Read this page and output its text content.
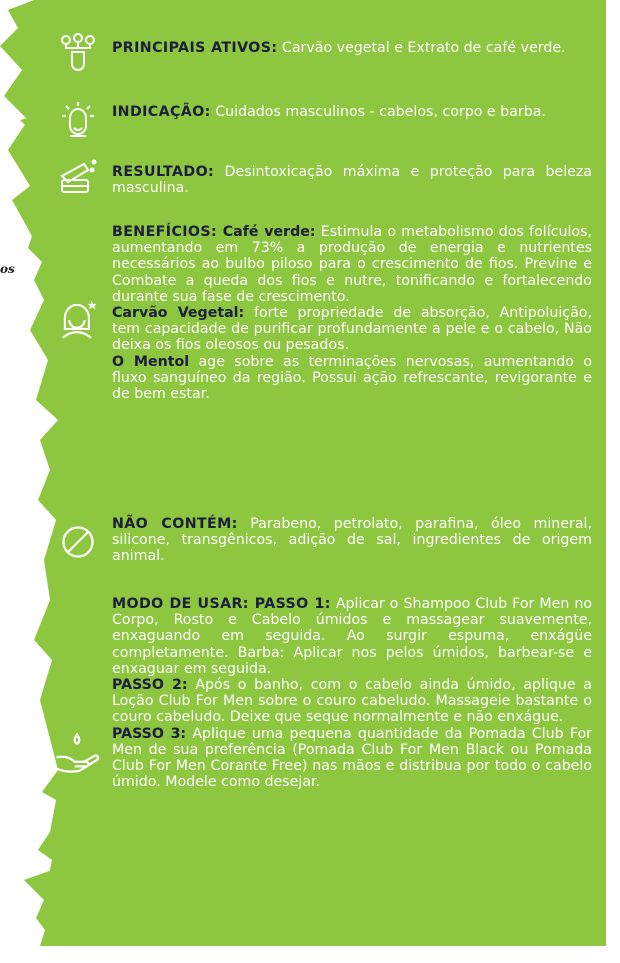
os

PRINCIPAIS ATIVOS: Carvão vegetal e Extrato de café verde.

INDICAÇÃO: Cuidados masculinos - cabelos, corpo e barba.

RESULTADO: Desintoxicação máxima e proteção para beleza masculina.

BENEFÍCIOS: Café verde: Estimula o metabolismo dos folículos, aumentando em 73% a produção de energia e nutrientes necessários ao bulbo piloso para o crescimento de fios. Previne e Combate a queda dos fios e nutre, tonificando e fortalecendo durante sua fase de crescimento.

Carvão Vegetal: forte propriedade de absorção, Antipoluição, tem capacidade de purificar profundamente a pele e o cabelo, Não deixa os fios oleosos ou pesados.

O Mentol age sobre as terminações nervosas, aumentando o fluxo sanguíneo da região. Possui ação refrescante, revigorante e de bem estar.

NÃO CONTÉM: Parabeno, petrolato, parafina, óleo mineral, silicone, transgênicos, adição de sal, ingredientes de origem animal.

MODO DE USAR: PASSO 1: Aplicar o Shampoo Club For Men no Corpo, Rosto e Cabelo úmidos e massagear suavemente, enxaguando em seguida. Ao surgir espuma, enxágüe completamente. Barba: Aplicar nos pelos úmidos, barbear-se e enxaguar em seguida.

PASSO 2: Após o banho, com o cabelo ainda úmido, aplique a Loção Club For Men sobre o couro cabeludo. Massageie bastante o couro cabeludo. Deixe que seque normalmente e não enxágue.

PASSO 3: Aplique uma pequena quantidade da Pomada Club For Men de sua preferência (Pomada Club For Men Black ou Pomada Club For Men Corante Free) nas mãos e distribua por todo o cabelo úmido. Modele como desejar.
